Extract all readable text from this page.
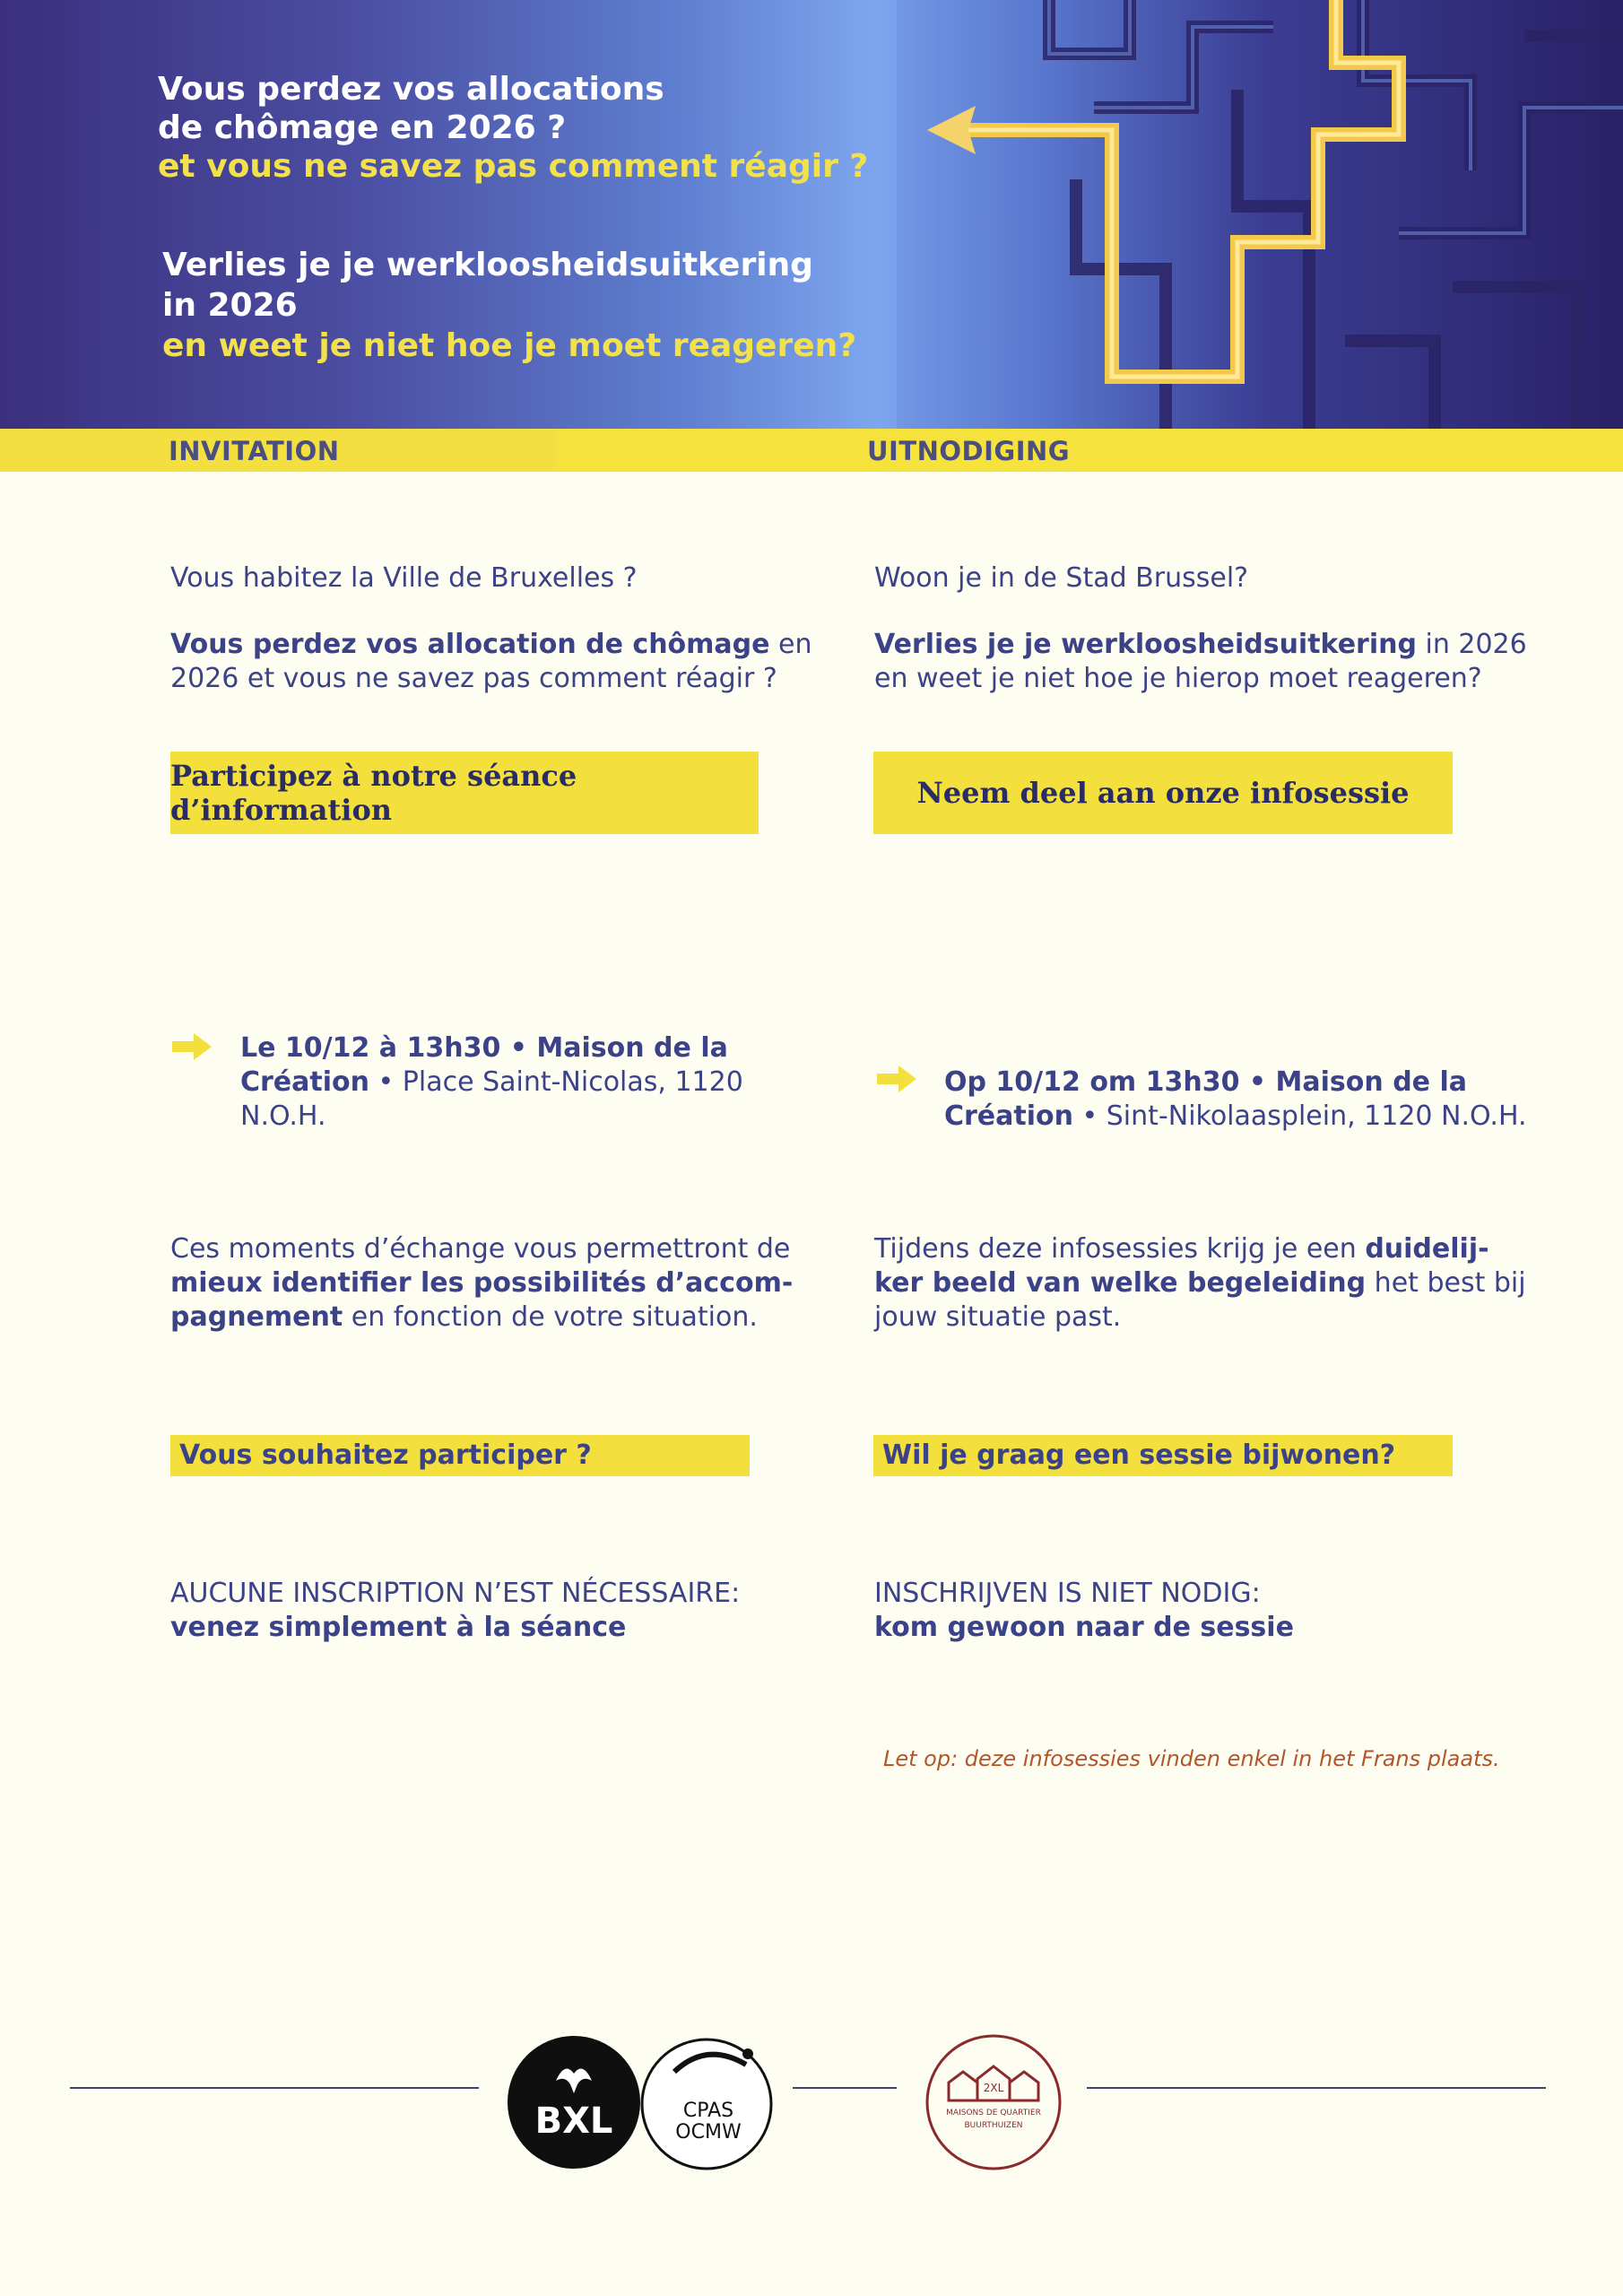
Vous perdez vos allocations
de chômage en 2026 ?
et vous ne savez pas comment réagir ?
Verlies je je werkloosheidsuitkering
in 2026
en weet je niet hoe je moet reageren?
INVITATION	UITNODIGING
Vous habitez la Ville de Bruxelles ?
Vous perdez vos allocation de chômage en
2026 et vous ne savez pas comment réagir ?
Participez à notre séance d’information
Le 10/12 à 13h30 • Maison de la
Création • Place Saint-Nicolas, 1120
N.O.H.
Ces moments d’échange vous permettront de
mieux identifier les possibilités d’accom-
pagnement en fonction de votre situation.
Vous souhaitez participer ?
AUCUNE INSCRIPTION N’EST NÉCESSAIRE:
venez simplement à la séance
Woon je in de Stad Brussel?
Verlies je je werkloosheidsuitkering in 2026
en weet je niet hoe je hierop moet reageren?
Neem deel aan onze infosessie
Op 10/12 om 13h30 • Maison de la
Création • Sint-Nikolaasplein, 1120 N.O.H.
Tijdens deze infosessies krijg je een duidelij-
ker beeld van welke begeleiding het best bij
jouw situatie past.
Wil je graag een sessie bijwonen?
INSCHRIJVEN IS NIET NODIG:
kom gewoon naar de sessie
Let op: deze infosessies vinden enkel in het Frans plaats.
BXL	CPAS
OCMW
2XL
MAISONS DE QUARTIER
BUURTHUIZEN
